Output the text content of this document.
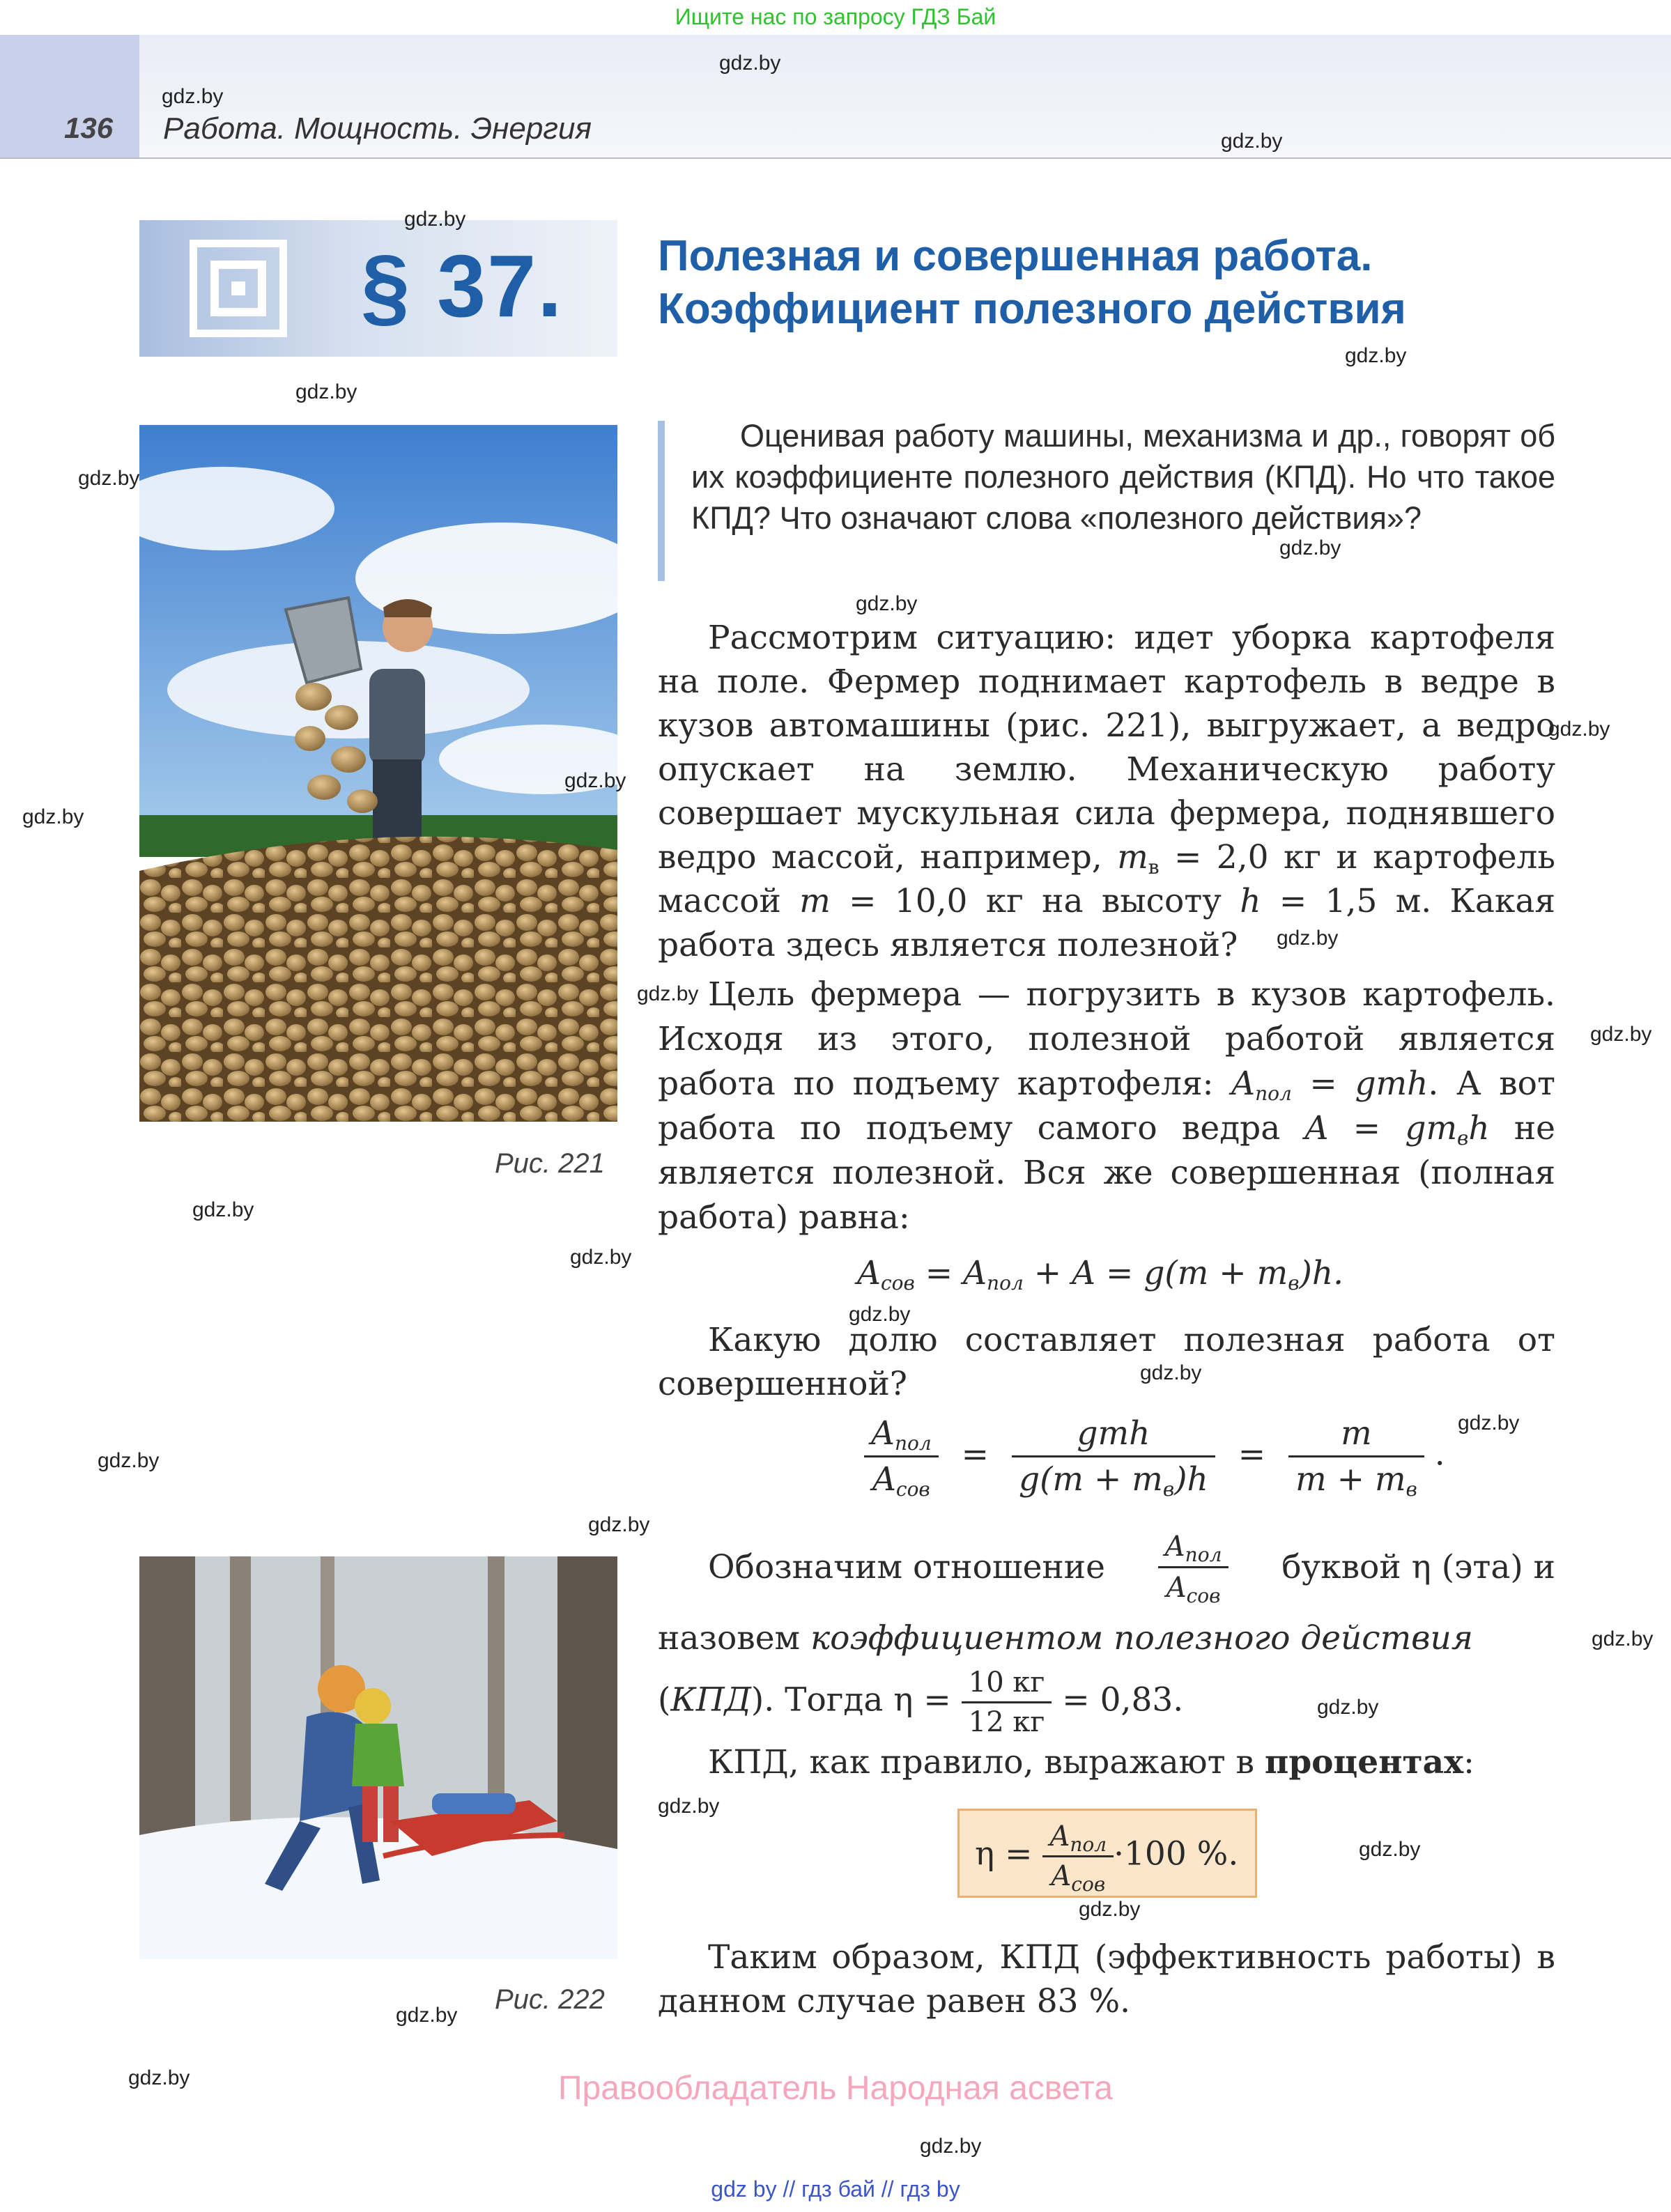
Ищите нас по запросу ГДЗ Бай
136 Работа. Мощность. Энергия
§ 37. Полезная и совершенная работа.
Коэффициент полезного действия
Оценивая работу машины, механизма и др., говорят об их коэффициенте полезного действия (КПД). Но что такое КПД? Что означают слова «полезного действия»?
Рис. 221
Рис. 222
Рассмотрим ситуацию: идет уборка картофеля на поле. Фермер поднимает картофель в ведре в кузов автомашины (рис. 221), выгружает, а ведро опускает на землю. Механическую работу совершает мускульная сила фермера, поднявшего ведро массой, например, $m_в = 2,0$ кг и картофель массой m = 10,0 кг на высоту h = 1,5 м. Какая работа здесь является полезной?
Цель фермера — погрузить в кузов картофель. Исходя из этого, полезной работой является работа по подъему картофеля: $A_{пол}$ = gmh. А вот работа по подъему самого ведра $A = gm_вh$ не является полезной. Вся же совершенная (полная работа) равна:
$A_{сов} = A_{пол} + A = g(m + m_в)h$.
Какую долю составляет полезная работа от совершенной?
$\frac{A_{пол}}{A_{сов}} = \frac{\text{gmh}}{g(m + m_в)h} = \frac{m}{m + m_в}$ .
Обозначим отношение $\frac{A_{пол}}{A_{сов}}$ буквой η (эта) и
назовем коэффициентом полезного действия
(КПД). Тогда $\eta = \frac{10 кг}{12 кг} = 0,83$.
КПД, как правило, выражают в процентах:
$\eta = \frac{A_{пол}}{A_{сов}} \cdot 100$ %.
Таким образом, КПД (эффективность работы) в данном случае равен 83 %.
gdz.by
gdz.by
gdz.by
gdz.by
gdz.by
gdz.by
gdz.by
gdz.by
gdz.by
gdz.by
gdz.by
gdz.by
gdz.by
gdz.by
gdz.by
gdz.by
gdz.by
gdz.by
gdz.by
gdz.by
gdz.by
gdz.by
gdz.by
gdz.by
gdz.by
gdz.by
gdz.by
gdz.by
gdz.by
gdz.by
Правообладатель Народная асвета
gdz by // гдз бай // гдз by
